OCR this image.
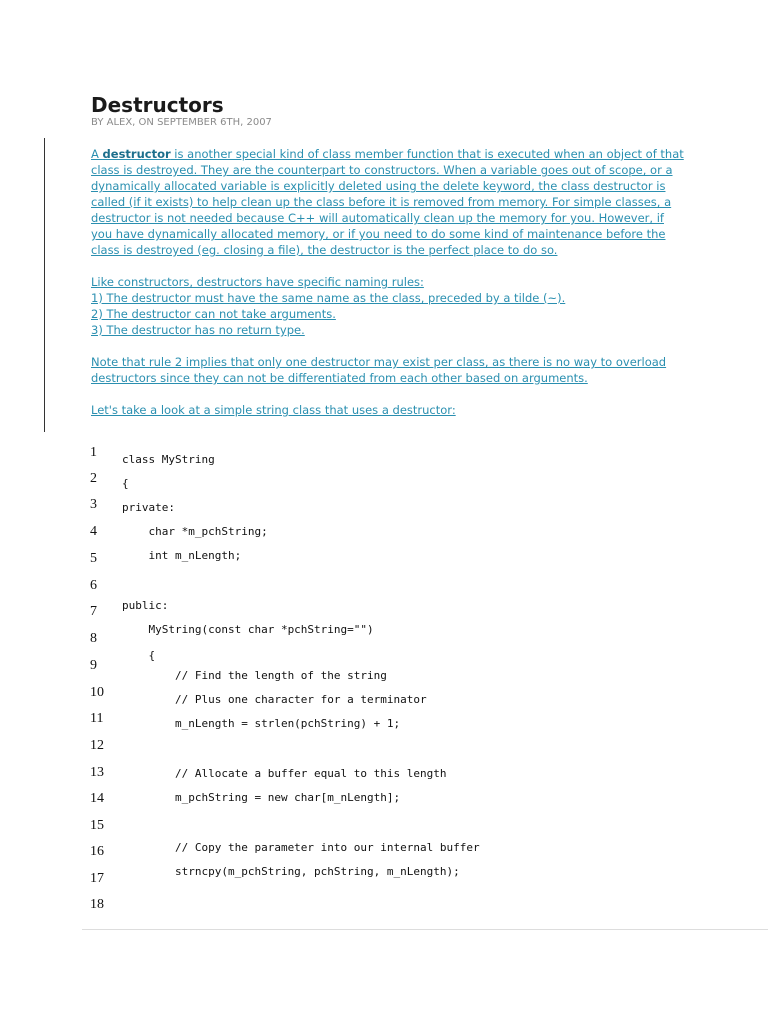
Destructors
BY ALEX, ON SEPTEMBER 6TH, 2007

A destructor is another special kind of class member function that is executed when an object of that
class is destroyed. They are the counterpart to constructors. When a variable goes out of scope, or a
dynamically allocated variable is explicitly deleted using the delete keyword, the class destructor is
called (if it exists) to help clean up the class before it is removed from memory. For simple classes, a
destructor is not needed because C++ will automatically clean up the memory for you. However, if
you have dynamically allocated memory, or if you need to do some kind of maintenance before the
class is destroyed (eg. closing a file), the destructor is the perfect place to do so.

Like constructors, destructors have specific naming rules:
1) The destructor must have the same name as the class, preceded by a tilde (~).
2) The destructor can not take arguments.
3) The destructor has no return type.

Note that rule 2 implies that only one destructor may exist per class, as there is no way to overload
destructors since they can not be differentiated from each other based on arguments.

Let's take a look at a simple string class that uses a destructor:

1
2
3
4
5
6
7
8
9
10
11
12
13
14
15
16
17
18
class MyString
{
private:
char *m_pchString;
int m_nLength;
public:
MyString(const char *pchString="")
{
// Find the length of the string
// Plus one character for a terminator
m_nLength = strlen(pchString) + 1;
// Allocate a buffer equal to this length
m_pchString = new char[m_nLength];
// Copy the parameter into our internal buffer
strncpy(m_pchString, pchString, m_nLength);
